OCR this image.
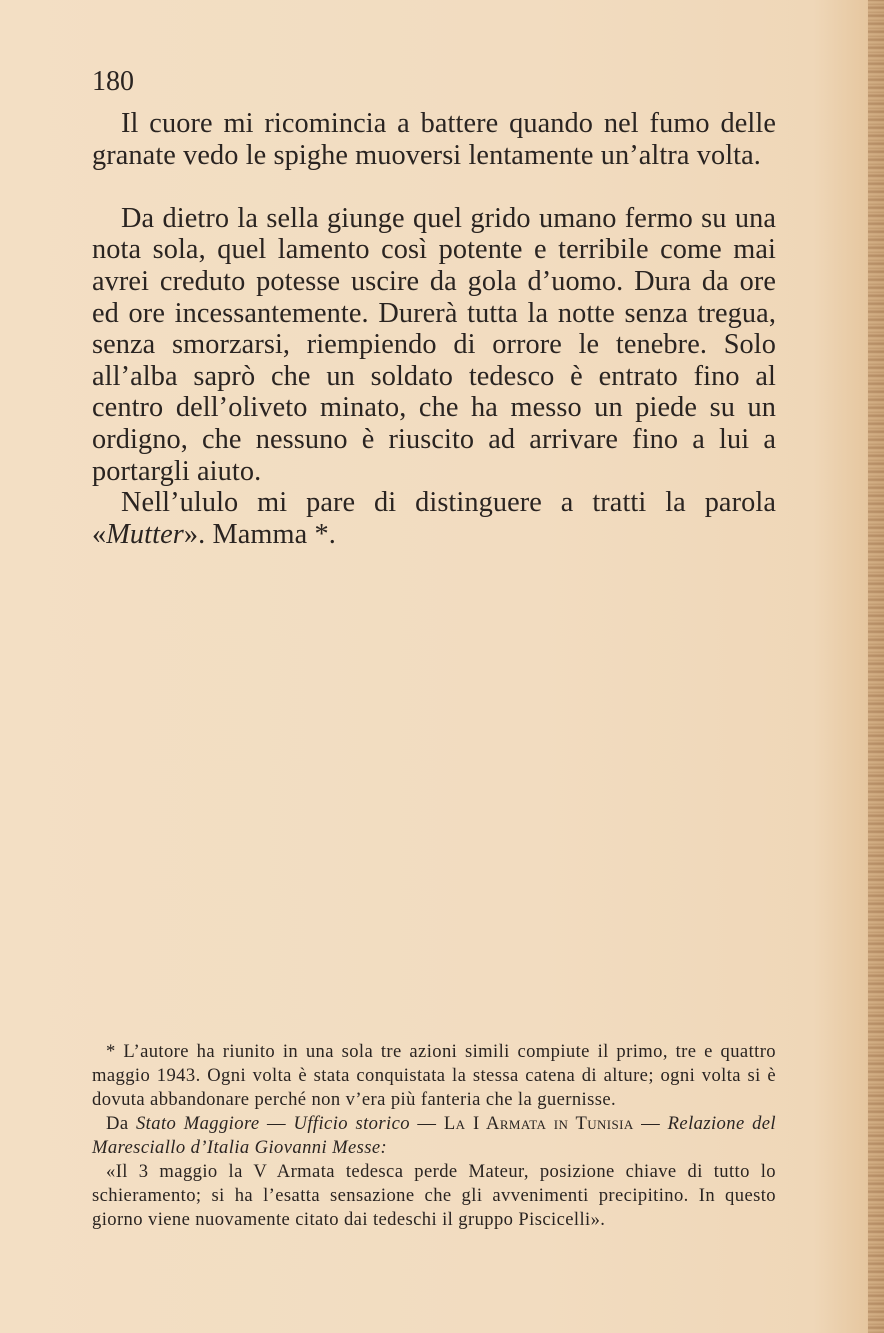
180

Il cuore mi ricomincia a battere quando nel fumo delle granate vedo le spighe muoversi lentamente un’altra volta.

Da dietro la sella giunge quel grido umano fermo su una nota sola, quel lamento così potente e terribile come mai avrei creduto potesse uscire da gola d’uomo. Dura da ore ed ore incessantemente. Durerà tutta la notte senza tregua, senza smorzarsi, riempiendo di orrore le tenebre. Solo all’alba saprò che un soldato tedesco è entrato fino al centro dell’oliveto minato, che ha messo un piede su un ordigno, che nessuno è riuscito ad arrivare fino a lui a portargli aiuto.

Nell’ululo mi pare di distinguere a tratti la parola «Mutter». Mamma *.

* L’autore ha riunito in una sola tre azioni simili compiute il primo, tre e quattro maggio 1943. Ogni volta è stata conquistata la stessa catena di alture; ogni volta si è dovuta abbandonare perché non v’era più fanteria che la guernisse.

Da Stato Maggiore — Ufficio storico — La I Armata in Tunisia — Relazione del Maresciallo d’Italia Giovanni Messe:

«Il 3 maggio la V Armata tedesca perde Mateur, posizione chiave di tutto lo schieramento; si ha l’esatta sensazione che gli avvenimenti precipitino. In questo giorno viene nuovamente citato dai tedeschi il gruppo Piscicelli».
